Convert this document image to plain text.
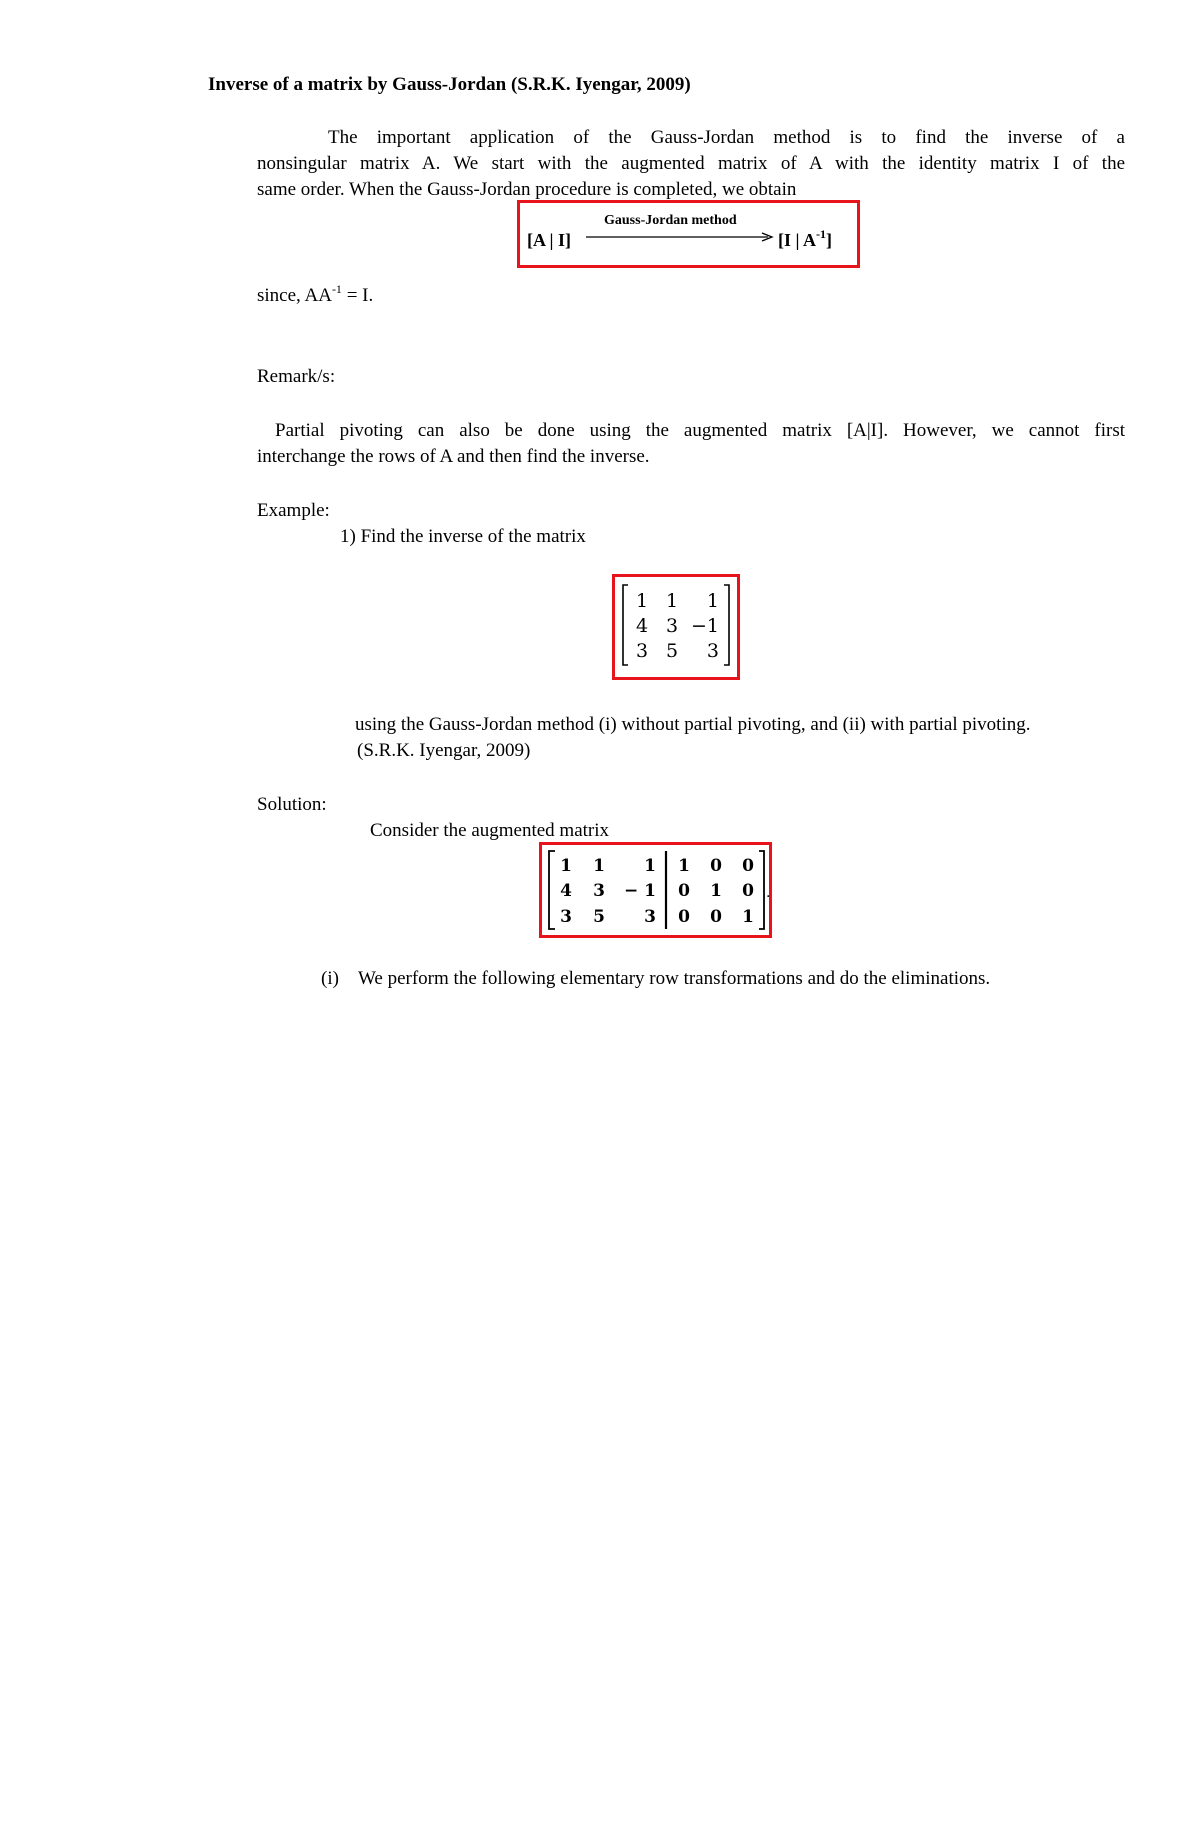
Inverse of a matrix by Gauss-Jordan (S.R.K. Iyengar, 2009)
The important application of the Gauss-Jordan method is to find the inverse of a
nonsingular matrix A. We start with the augmented matrix of A with the identity matrix I of the
same order. When the Gauss-Jordan procedure is completed, we obtain
[A | I]
Gauss-Jordan method
[I | $A^{-1}$]
since, $AA^{-1} = I$.
Remark/s:
Partial pivoting can also be done using the augmented matrix [A|I]. However, we cannot first
interchange the rows of A and then find the inverse.
Example:
1) Find the inverse of the matrix
1 1 1
4 3 −1
3 5 3
using the Gauss-Jordan method (i) without partial pivoting, and (ii) with partial pivoting.
(S.R.K. Iyengar, 2009)
Solution:
Consider the augmented matrix
1 1 1 1 0 0
4 3 − 1 0 1 0
3 5 3 0 0 1
.
(i) We perform the following elementary row transformations and do the eliminations.
